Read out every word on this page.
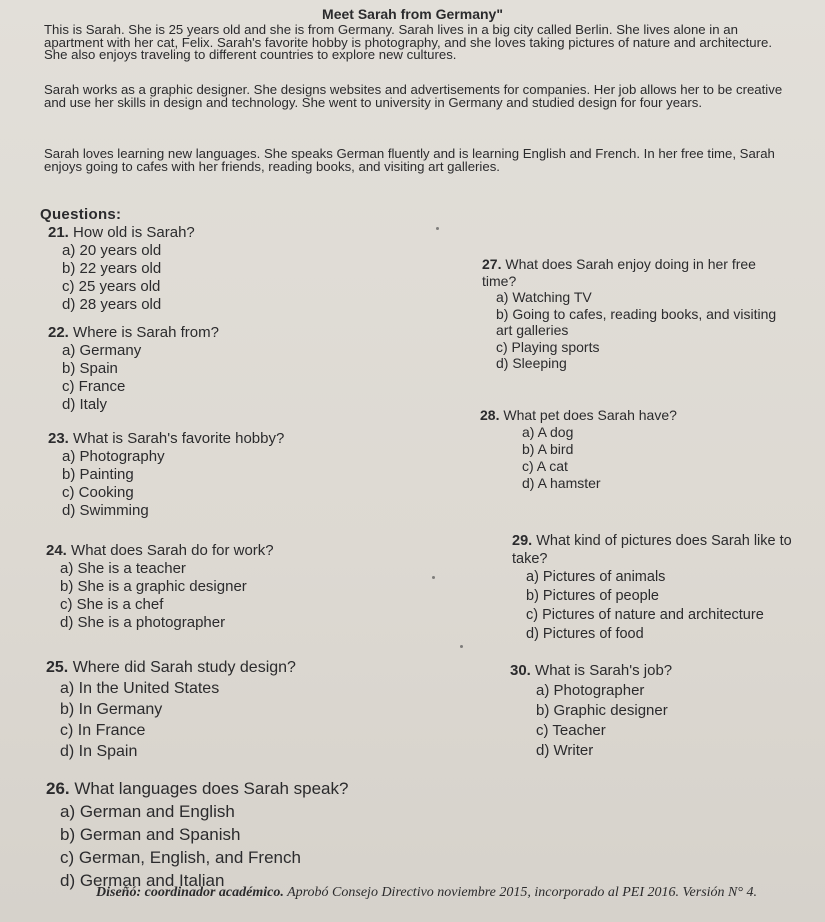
Meet Sarah from Germany"
This is Sarah. She is 25 years old and she is from Germany. Sarah lives in a big city called Berlin. She lives alone in an apartment with her cat, Felix. Sarah's favorite hobby is photography, and she loves taking pictures of nature and architecture. She also enjoys traveling to different countries to explore new cultures.
Sarah works as a graphic designer. She designs websites and advertisements for companies. Her job allows her to be creative and use her skills in design and technology. She went to university in Germany and studied design for four years.
Sarah loves learning new languages. She speaks German fluently and is learning English and French. In her free time, Sarah enjoys going to cafes with her friends, reading books, and visiting art galleries.
Questions:
21. How old is Sarah?
a) 20 years old
b) 22 years old
c) 25 years old
d) 28 years old
22. Where is Sarah from?
a) Germany
b) Spain
c) France
d) Italy
23. What is Sarah's favorite hobby?
a) Photography
b) Painting
c) Cooking
d) Swimming
24. What does Sarah do for work?
a) She is a teacher
b) She is a graphic designer
c) She is a chef
d) She is a photographer
25. Where did Sarah study design?
a) In the United States
b) In Germany
c) In France
d) In Spain
26. What languages does Sarah speak?
a) German and English
b) German and Spanish
c) German, English, and French
d) German and Italian
27. What does Sarah enjoy doing in her free time?
a) Watching TV
b) Going to cafes, reading books, and visiting art galleries
c) Playing sports
d) Sleeping
28. What pet does Sarah have?
a) A dog
b) A bird
c) A cat
d) A hamster
29. What kind of pictures does Sarah like to take?
a) Pictures of animals
b) Pictures of people
c) Pictures of nature and architecture
d) Pictures of food
30. What is Sarah's job?
a) Photographer
b) Graphic designer
c) Teacher
d) Writer
Diseñó: coordinador académico. Aprobó Consejo Directivo noviembre 2015, incorporado al PEI 2016. Versión N° 4.
